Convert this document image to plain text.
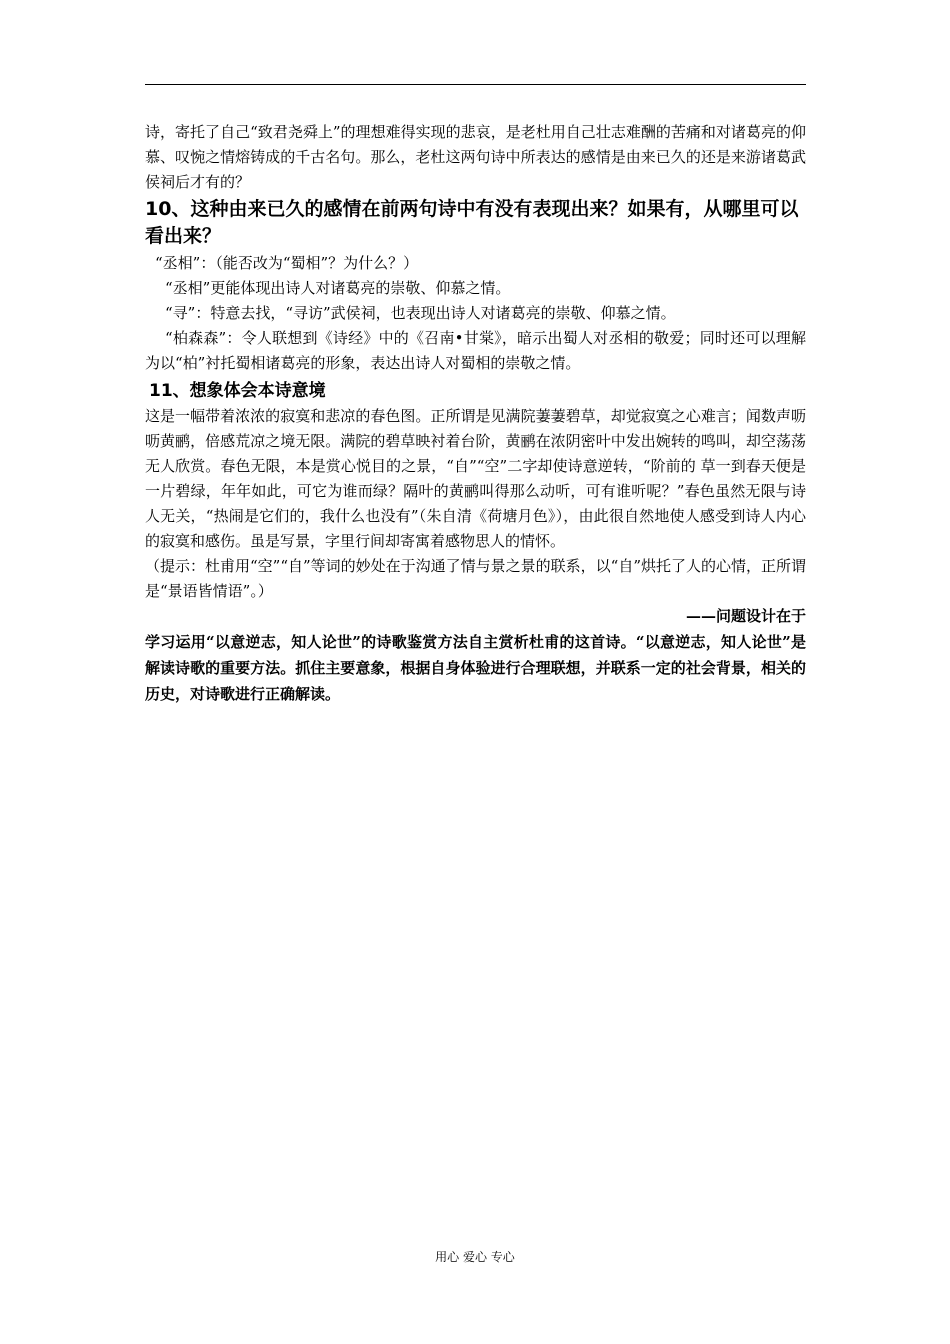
诗，寄托了自己“致君尧舜上”的理想难得实现的悲哀，是老杜用自己壮志难酬的苦痛和对诸葛亮的仰慕、叹惋之情熔铸成的千古名句。那么，老杜这两句诗中所表达的感情是由来已久的还是来游诸葛武侯祠后才有的？

10、这种由来已久的感情在前两句诗中有没有表现出来？如果有，从哪里可以看出来？

“丞相”：（能否改为“蜀相”？为什么？）

“丞相”更能体现出诗人对诸葛亮的崇敬、仰慕之情。

“寻”：特意去找，“寻访”武侯祠，也表现出诗人对诸葛亮的崇敬、仰慕之情。

“柏森森”：令人联想到《诗经》中的《召南•甘棠》，暗示出蜀人对丞相的敬爱；同时还可以理解为以“柏”衬托蜀相诸葛亮的形象，表达出诗人对蜀相的崇敬之情。

11、想象体会本诗意境

这是一幅带着浓浓的寂寞和悲凉的春色图。正所谓是见满院萋萋碧草，却觉寂寞之心难言；闻数声呖呖黄鹂，倍感荒凉之境无限。满院的碧草映衬着台阶，黄鹂在浓阴密叶中发出婉转的鸣叫，却空荡荡无人欣赏。春色无限，本是赏心悦目的之景，“自”“空”二字却使诗意逆转，“阶前的 草一到春天便是一片碧绿，年年如此，可它为谁而绿？隔叶的黄鹂叫得那么动听，可有谁听呢？”春色虽然无限与诗人无关，“热闹是它们的，我什么也没有”（朱自清《荷塘月色》），由此很自然地使人感受到诗人内心的寂寞和感伤。虽是写景，字里行间却寄寓着感物思人的情怀。

（提示：杜甫用“空”“自”等词的妙处在于沟通了情与景之景的联系，以“自”烘托了人的心情，正所谓是“景语皆情语”。）

——问题设计在于

学习运用“以意逆志，知人论世”的诗歌鉴赏方法自主赏析杜甫的这首诗。“以意逆志，知人论世”是解读诗歌的重要方法。抓住主要意象，根据自身体验进行合理联想，并联系一定的社会背景，相关的历史，对诗歌进行正确解读。

用心 爱心 专心
